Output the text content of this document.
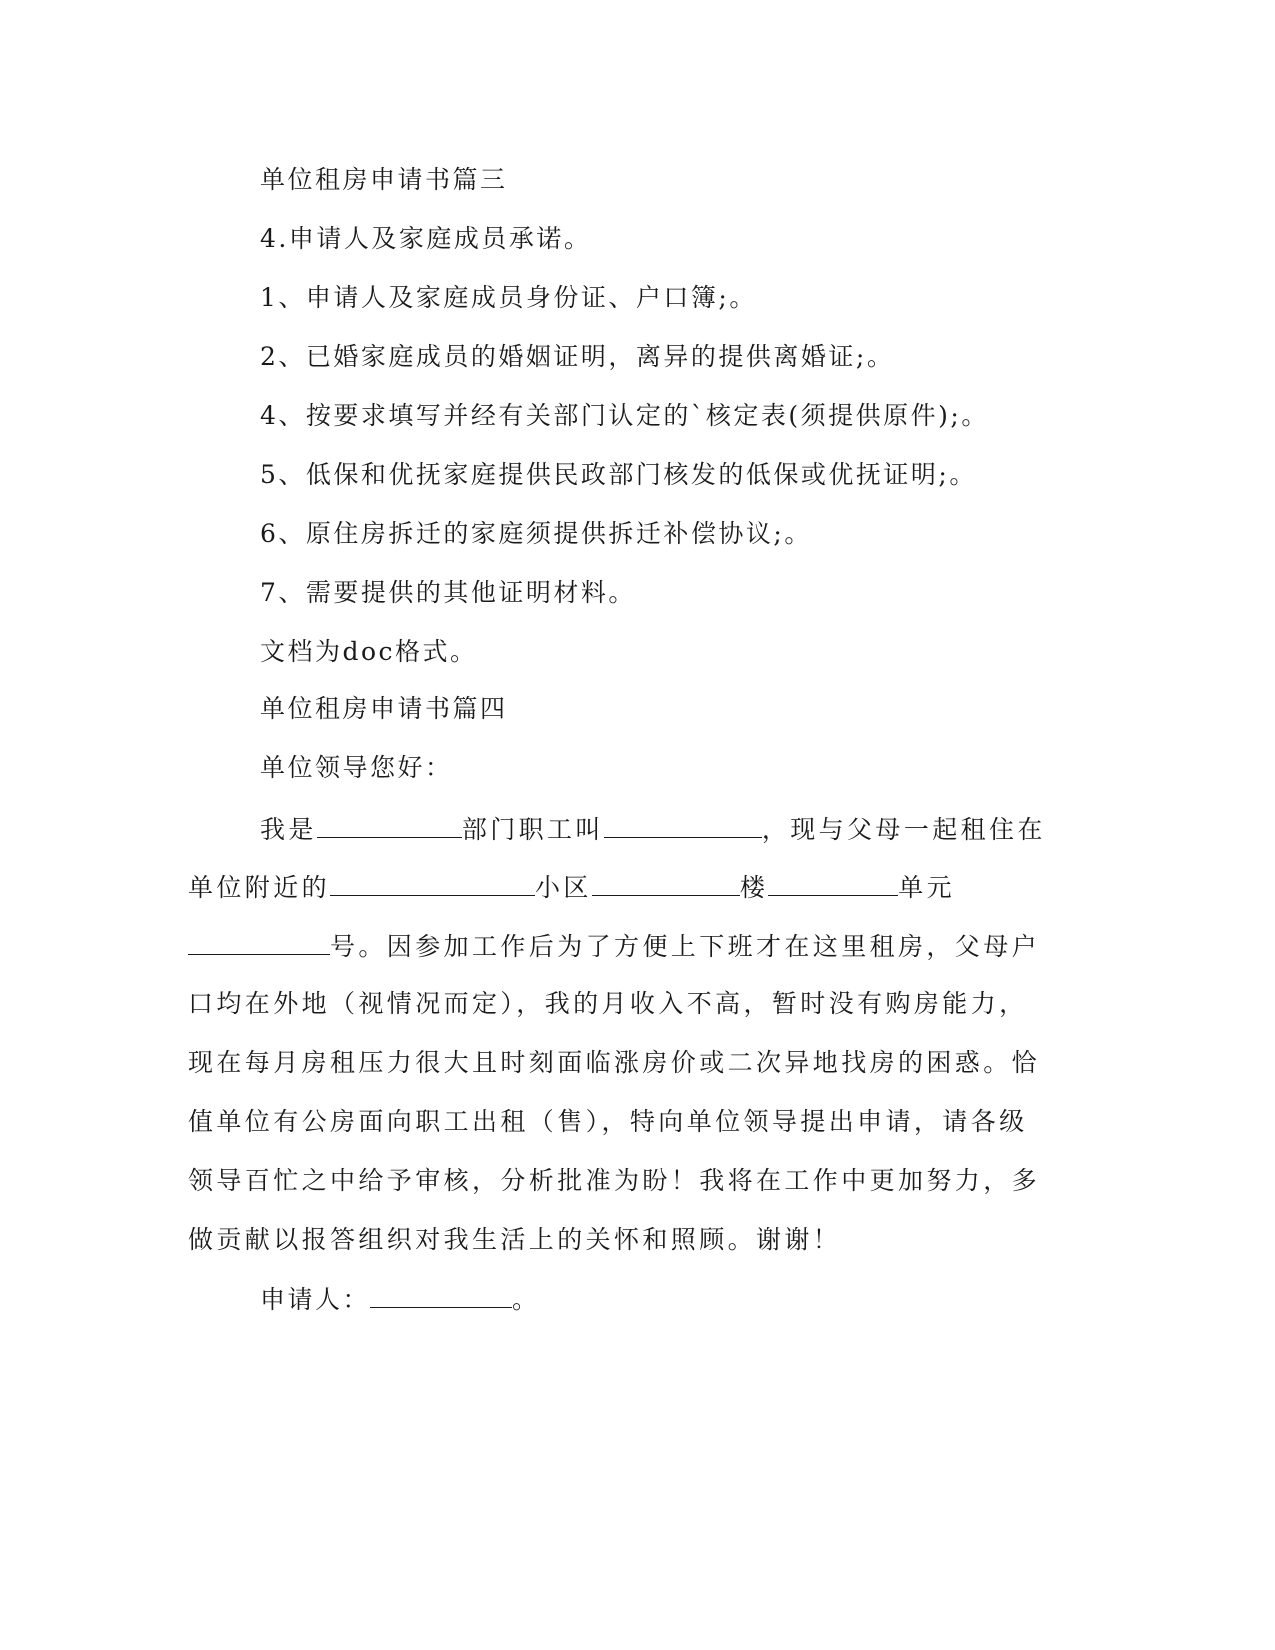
单位租房申请书篇三
4.申请人及家庭成员承诺。
1、申请人及家庭成员身份证、户口簿;。
2、已婚家庭成员的婚姻证明，离异的提供离婚证;。
4、按要求填写并经有关部门认定的`核定表(须提供原件);。
5、低保和优抚家庭提供民政部门核发的低保或优抚证明;。
6、原住房拆迁的家庭须提供拆迁补偿协议;。
7、需要提供的其他证明材料。
文档为doc格式。
单位租房申请书篇四
单位领导您好：
我是	部门职工叫	，现与父母一起租住在
单位附近的	小区	楼	单元
号。因参加工作后为了方便上下班才在这里租房，父母户
口均在外地（视情况而定），我的月收入不高，暂时没有购房能力，
现在每月房租压力很大且时刻面临涨房价或二次异地找房的困惑。恰
值单位有公房面向职工出租（售），特向单位领导提出申请，请各级
领导百忙之中给予审核，分析批准为盼！我将在工作中更加努力，多
做贡献以报答组织对我生活上的关怀和照顾。谢谢！
申请人：	。
